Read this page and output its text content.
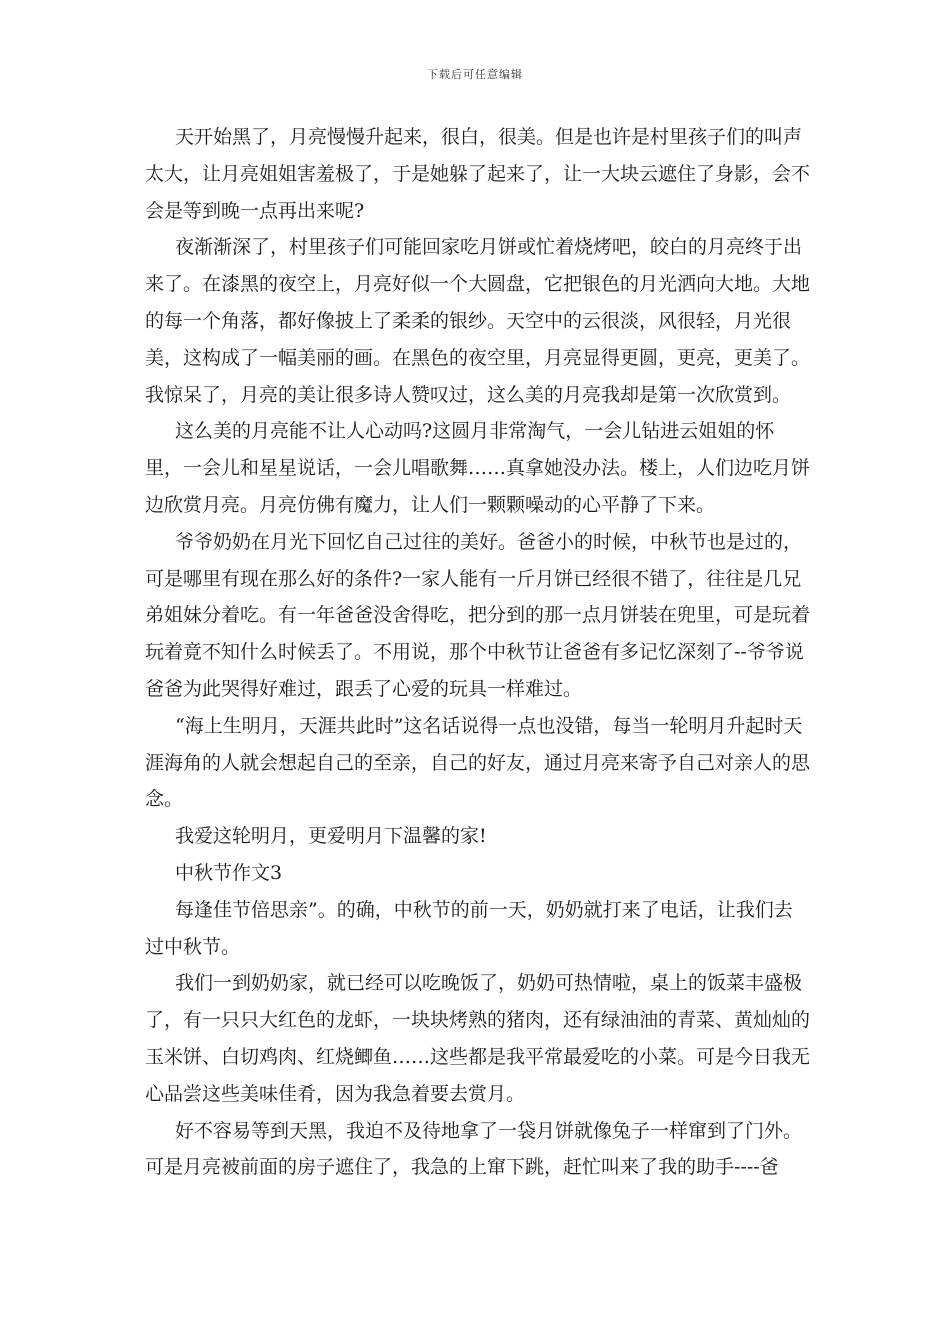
下载后可任意编辑

天开始黑了，月亮慢慢升起来，很白，很美。但是也许是村里孩子们的叫声太大，让月亮姐姐害羞极了，于是她躲了起来了，让一大块云遮住了身影，会不会是等到晚一点再出来呢?

夜渐渐深了，村里孩子们可能回家吃月饼或忙着烧烤吧，皎白的月亮终于出来了。在漆黑的夜空上，月亮好似一个大圆盘，它把银色的月光洒向大地。大地的每一个角落，都好像披上了柔柔的银纱。天空中的云很淡，风很轻，月光很美，这构成了一幅美丽的画。在黑色的夜空里，月亮显得更圆，更亮，更美了。我惊呆了，月亮的美让很多诗人赞叹过，这么美的月亮我却是第一次欣赏到。

这么美的月亮能不让人心动吗?这圆月非常淘气，一会儿钻进云姐姐的怀里，一会儿和星星说话，一会儿唱歌舞……真拿她没办法。楼上，人们边吃月饼边欣赏月亮。月亮仿佛有魔力，让人们一颗颗噪动的心平静了下来。

爷爷奶奶在月光下回忆自己过往的美好。爸爸小的时候，中秋节也是过的，可是哪里有现在那么好的条件?一家人能有一斤月饼已经很不错了，往往是几兄弟姐妹分着吃。有一年爸爸没舍得吃，把分到的那一点月饼装在兜里，可是玩着玩着竟不知什么时候丢了。不用说，那个中秋节让爸爸有多记忆深刻了--爷爷说爸爸为此哭得好难过，跟丢了心爱的玩具一样难过。

“海上生明月，天涯共此时”这名话说得一点也没错，每当一轮明月升起时天涯海角的人就会想起自己的至亲，自己的好友，通过月亮来寄予自己对亲人的思念。

我爱这轮明月，更爱明月下温馨的家!

中秋节作文3

每逢佳节倍思亲”。的确，中秋节的前一天，奶奶就打来了电话，让我们去过中秋节。

我们一到奶奶家，就已经可以吃晚饭了，奶奶可热情啦，桌上的饭菜丰盛极了，有一只只大红色的龙虾，一块块烤熟的猪肉，还有绿油油的青菜、黄灿灿的玉米饼、白切鸡肉、红烧鲫鱼……这些都是我平常最爱吃的小菜。可是今日我无心品尝这些美味佳肴，因为我急着要去赏月。

好不容易等到天黑，我迫不及待地拿了一袋月饼就像兔子一样窜到了门外。可是月亮被前面的房子遮住了，我急的上窜下跳，赶忙叫来了我的助手----爸
